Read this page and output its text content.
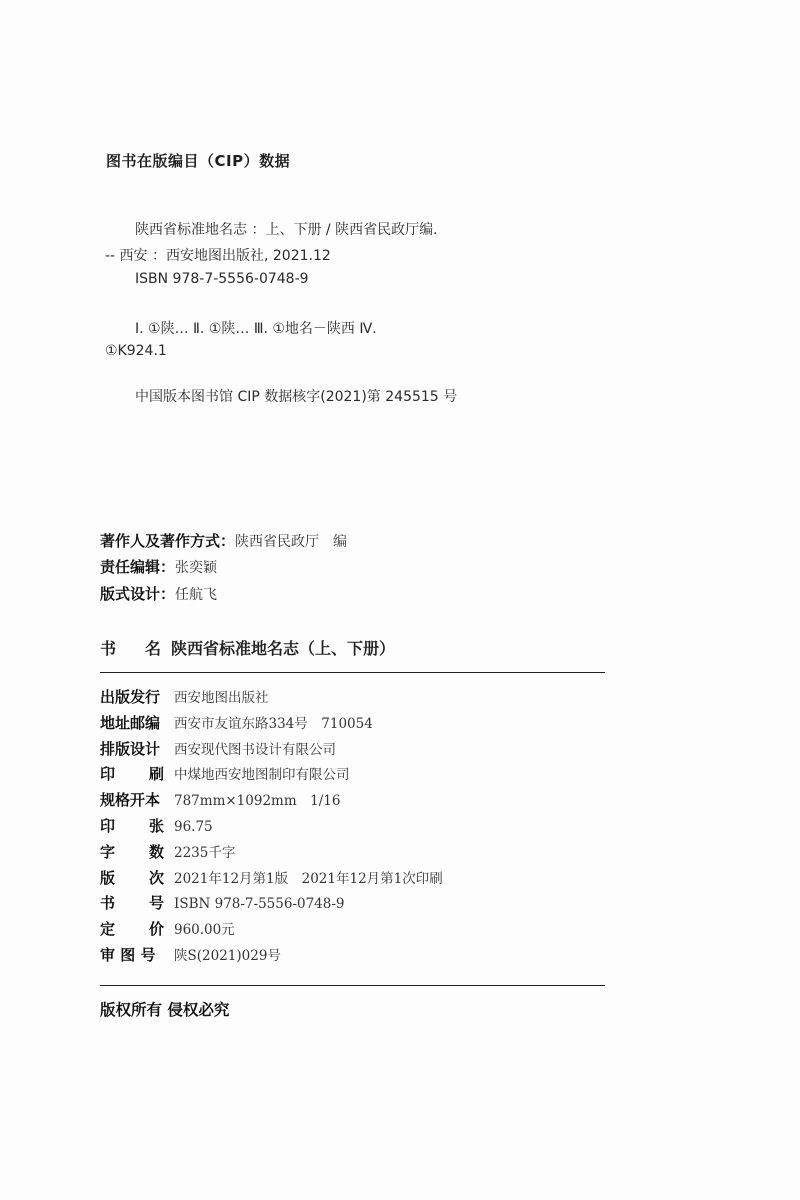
图书在版编目（CIP）数据
陕西省标准地名志 ：上、下册 / 陕西省民政厅编.
-- 西安 ：西安地图出版社, 2021.12
ISBN 978-7-5556-0748-9
Ⅰ. ①陕… Ⅱ. ①陕… Ⅲ. ①地名－陕西 Ⅳ.
①K924.1
中国版本图书馆 CIP 数据核字(2021)第 245515 号
著作人及著作方式：陕西省民政厅　编
责任编辑：张奕颖
版式设计：任航飞
书 名 陕西省标准地名志（上、下册）
出版发行 西安地图出版社
地址邮编 西安市友谊东路334号　710054
排版设计 西安现代图书设计有限公司
印 刷 中煤地西安地图制印有限公司
规格开本 787mm×1092mm　1/16
印 张 96.75
字 数 2235千字
版 次 2021年12月第1版　2021年12月第1次印刷
书 号 ISBN 978-7-5556-0748-9
定 价 960.00元
审 图 号 陕S(2021)029号
版权所有 侵权必究
